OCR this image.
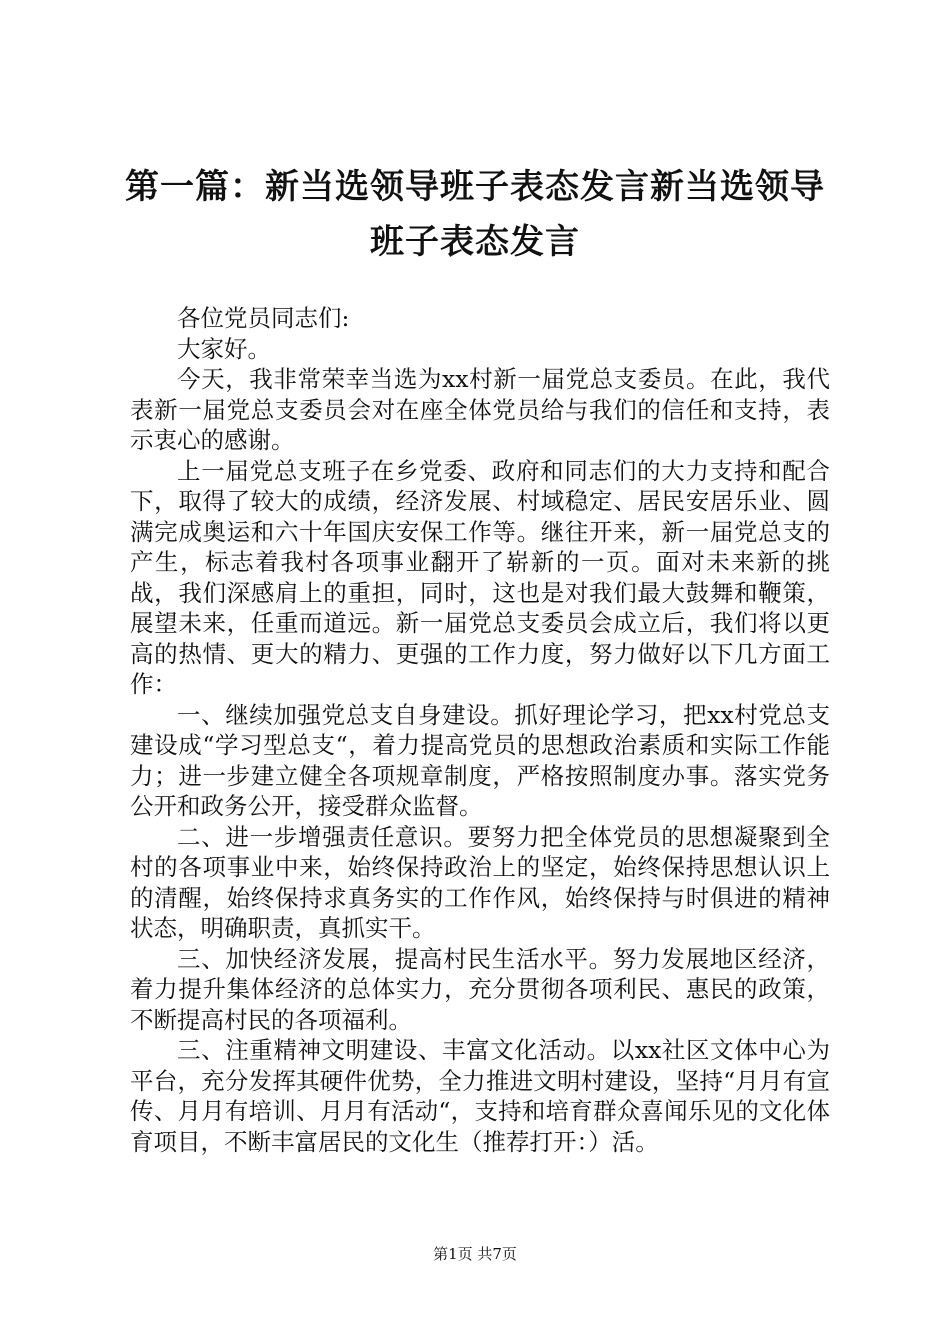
第一篇：新当选领导班子表态发言新当选领导班子表态发言

各位党员同志们:

大家好。

今天，我非常荣幸当选为xx村新一届党总支委员。在此，我代表新一届党总支委员会对在座全体党员给与我们的信任和支持，表示衷心的感谢。

上一届党总支班子在乡党委、政府和同志们的大力支持和配合下，取得了较大的成绩，经济发展、村域稳定、居民安居乐业、圆满完成奥运和六十年国庆安保工作等。继往开来，新一届党总支的产生，标志着我村各项事业翻开了崭新的一页。面对未来新的挑战，我们深感肩上的重担，同时，这也是对我们最大鼓舞和鞭策，展望未来，任重而道远。新一届党总支委员会成立后，我们将以更高的热情、更大的精力、更强的工作力度，努力做好以下几方面工作：

一、继续加强党总支自身建设。抓好理论学习，把xx村党总支建设成“学习型总支“，着力提高党员的思想政治素质和实际工作能力；进一步建立健全各项规章制度，严格按照制度办事。落实党务公开和政务公开，接受群众监督。

二、进一步增强责任意识。要努力把全体党员的思想凝聚到全村的各项事业中来，始终保持政治上的坚定，始终保持思想认识上的清醒，始终保持求真务实的工作作风，始终保持与时俱进的精神状态，明确职责，真抓实干。

三、加快经济发展，提高村民生活水平。努力发展地区经济，着力提升集体经济的总体实力，充分贯彻各项利民、惠民的政策，不断提高村民的各项福利。

三、注重精神文明建设、丰富文化活动。以xx社区文体中心为平台，充分发挥其硬件优势，全力推进文明村建设，坚持“月月有宣传、月月有培训、月月有活动“，支持和培育群众喜闻乐见的文化体育项目，不断丰富居民的文化生（推荐打开：）活。

第1页 共7页
